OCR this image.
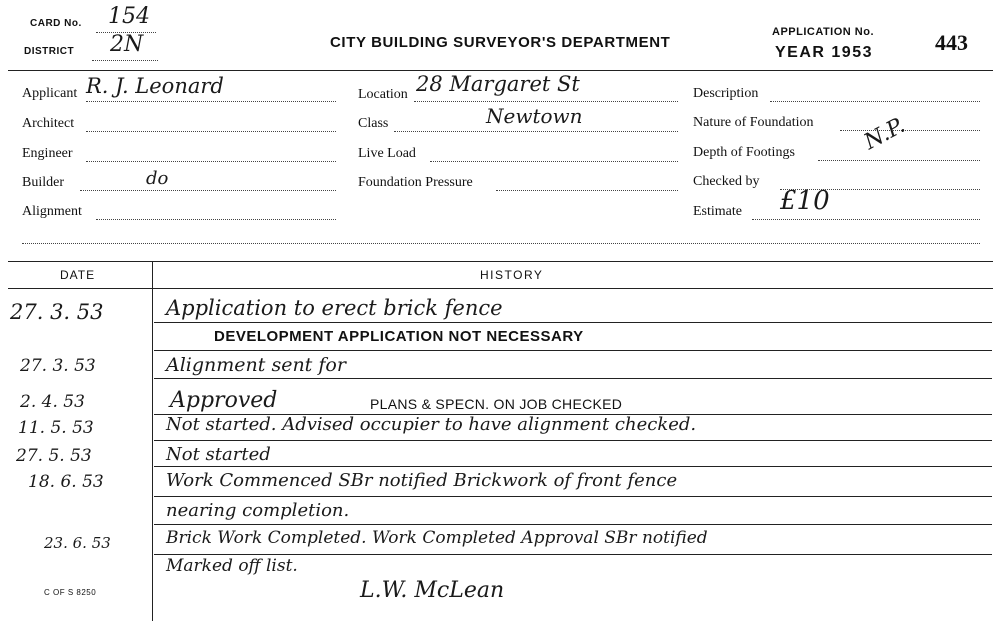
CARD No. 154
DISTRICT 2N	CITY BUILDING SURVEYOR'S DEPARTMENT
APPLICATION No.
YEAR 1953	443
Applicant R. J. Leonard
Architect
Engineer
Builder	do
Alignment
Location 28 Margaret St
Class	Newtown
Live Load
Foundation Pressure
Description
Nature of Foundation
Depth of Footings	N.P.
Checked by
Estimate £10
DATE	HISTORY
27. 3. 53	Application to erect brick fence
DEVELOPMENT APPLICATION NOT NECESSARY
27. 3. 53	Alignment sent for
2. 4. 53	Approved	PLANS & SPECN. ON JOB CHECKED
11. 5. 53	Not started. Advised occupier to have alignment checked.
27. 5. 53	Not started
18. 6. 53	Work Commenced SBr notified Brickwork of front fence
nearing completion.
23. 6. 53	Brick Work Completed. Work Completed Approval SBr notified
Marked off list.
L.W. McLean
C OF S 8250
